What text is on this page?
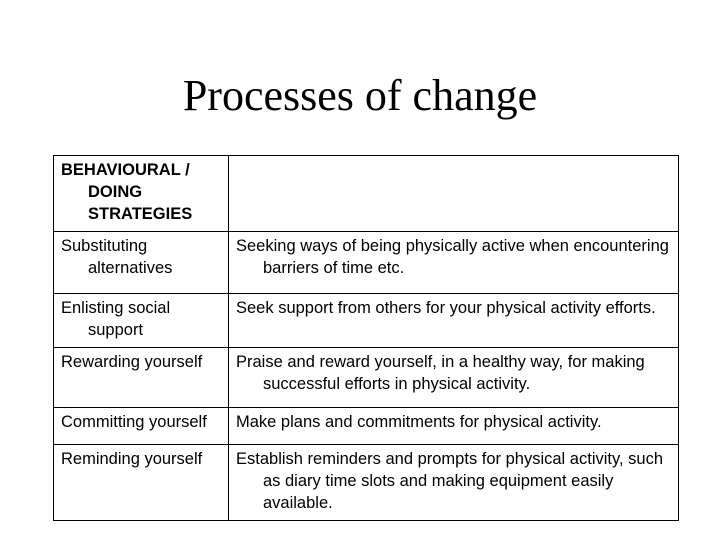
Processes of change
BEHAVIOURAL / DOING STRATEGIES	

Substituting alternatives	Seeking ways of being physically active when encountering barriers of time etc.

Enlisting social support	Seek support from others for your physical activity efforts.

Rewarding yourself	Praise and reward yourself, in a healthy way, for making successful efforts in physical activity.

Committing yourself	Make plans and commitments for physical activity.

Reminding yourself	Establish reminders and prompts for physical activity, such as diary time slots and making equipment easily available.
